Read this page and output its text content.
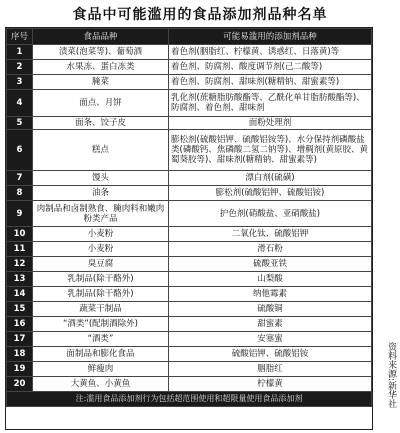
食品中可能滥用的食品添加剂品种名单
序号	食品品种	可能易滥用的添加剂品种
1	渍菜(泡菜等)、葡萄酒	着色剂(胭脂红、柠檬黄、诱惑红、日落黄)等
2	水果冻、蛋白冻类	着色剂、防腐剂、酸度调节剂(己二酸等)
3	腌菜	着色剂、防腐剂、甜味剂(糖精钠、甜蜜素等)
4	面点、月饼	乳化剂(蔗糖脂肪酸酯等、乙酰化单甘脂肪酸酯等)、防腐剂、着色剂、甜味剂
5	面条、饺子皮	面粉处理剂
6	糕点	膨松剂(硫酸铝钾、硫酸铝铵等)、水分保持剂磷酸盐类(磷酸钙、焦磷酸二氢二钠等)、增稠剂(黄原胶、黄蜀葵胶等)、甜味剂(糖精钠、甜蜜素等)
7	馒头	漂白剂(硫磺)
8	油条	膨松剂(硫酸铝钾、硫酸铝铵)
9	肉制品和卤制熟食、腌肉料和嫩肉粉类产品	护色剂(硝酸盐、亚硝酸盐)
10	小麦粉	二氧化钛、硫酸铝钾
11	小麦粉	滑石粉
12	臭豆腐	硫酸亚铁
13	乳制品(除干酪外)	山梨酸
14	乳制品(除干酪外)	纳他霉素
15	蔬菜干制品	硫酸铜
16	“酒类”(配制酒除外)	甜蜜素
17	“酒类”	安塞蜜
18	面制品和膨化食品	硫酸铝钾、硫酸铝铵
19	鲜瘦肉	胭脂红
20	大黄鱼、小黄鱼	柠檬黄
注:滥用食品添加剂行为包括超范围使用和超限量使用食品添加剂			资料来源:新华社
